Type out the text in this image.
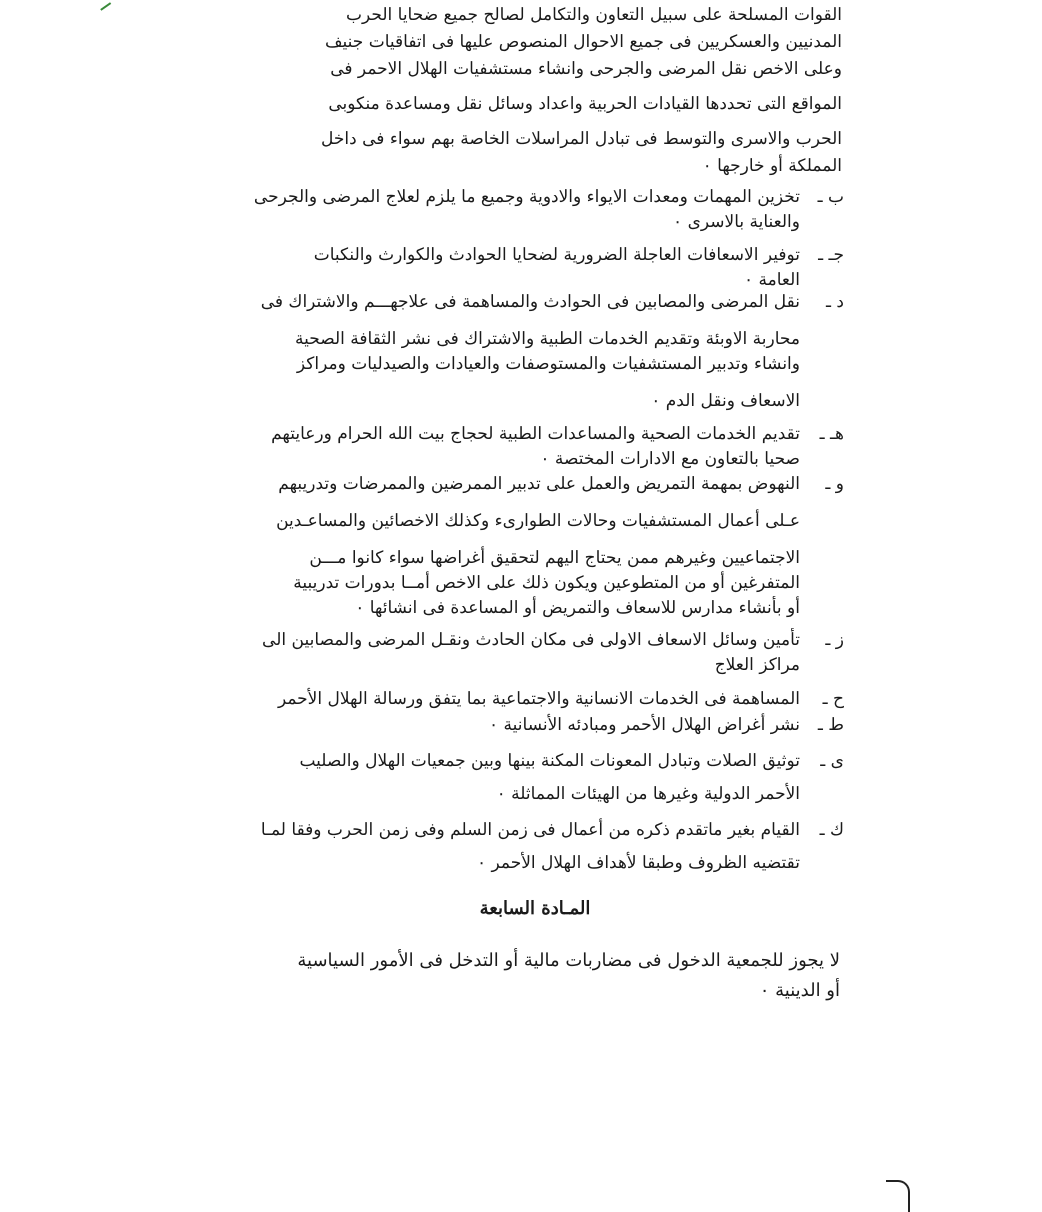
القوات المسلحة على سبيل التعاون والتكامل لصالح جميع ضحايا الحرب
المدنيين والعسكريين فى جميع الاحوال المنصوص عليها فى اتفاقيات جنيف
وعلى الاخص نقل المرضى والجرحى وانشاء مستشفيات الهلال الاحمر فى
المواقع التى تحددها القيادات الحربية واعداد وسائل نقل ومساعدة منكوبى
الحرب والاسرى والتوسط فى تبادل المراسلات الخاصة بهم سواء فى داخل
المملكة أو خارجها ٠
ب ـ
تخزين المهمات ومعدات الايواء والادوية وجميع ما يلزم لعلاج المرضى والجرحى
والعناية بالاسرى ٠
جـ ـ
توفير الاسعافات العاجلة الضرورية لضحايا الحوادث والكوارث والنكبات
العامة ٠
د ـ
نقل المرضى والمصابين فى الحوادث والمساهمة فى علاجهـــم والاشتراك فى
محاربة الاوبئة وتقديم الخدمات الطبية والاشتراك فى نشر الثقافة الصحية
وانشاء وتدبير المستشفيات والمستوصفات والعيادات والصيدليات ومراكز
الاسعاف ونقل الدم ٠
هـ ـ
تقديم الخدمات الصحية والمساعدات الطبية لحجاج بيت الله الحرام ورعايتهم
صحيا بالتعاون مع الادارات المختصة ٠
و ـ
النهوض بمهمة التمريض والعمل على تدبير الممرضين والممرضات وتدريبهم
عـلى أعمال المستشفيات وحالات الطوارىء وكذلك الاخصائين والمساعـدين
الاجتماعيين وغيرهم ممن يحتاج اليهم لتحقيق أغراضها سواء كانوا مـــن
المتفرغين أو من المتطوعين ويكون ذلك على الاخص أمــا بدورات تدريبية
أو بأنشاء مدارس للاسعاف والتمريض أو المساعدة فى انشائها ٠
ز ـ
تأمين وسائل الاسعاف الاولى فى مكان الحادث ونقـل المرضى والمصابين الى
مراكز العلاج
ح ـ
المساهمة فى الخدمات الانسانية والاجتماعية بما يتفق ورسالة الهلال الأحمر
ط ـ
نشر أغراض الهلال الأحمر ومبادئه الأنسانية ٠
ى ـ
توثيق الصلات وتبادل المعونات المكنة بينها وبين جمعيات الهلال والصليب
الأحمر الدولية وغيرها من الهيئات المماثلة ٠
ك ـ
القيام بغير ماتقدم ذكره من أعمال فى زمن السلم وفى زمن الحرب وفقا لمـا
تقتضيه الظروف وطبقا لأهداف الهلال الأحمر ٠
المـادة السابعة
لا يجوز للجمعية الدخول فى مضاربات مالية أو التدخل فى الأمور السياسية
أو الدينية ٠
